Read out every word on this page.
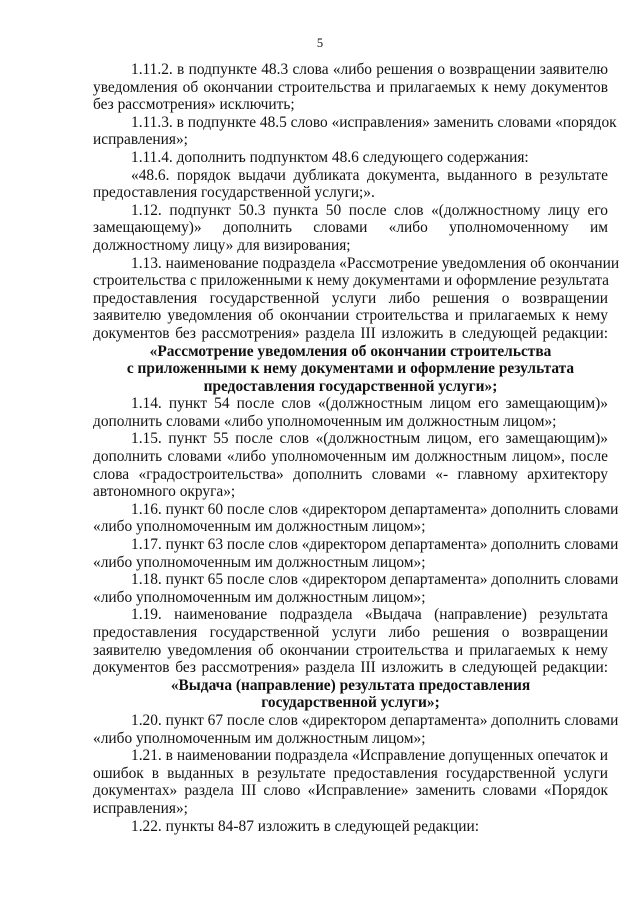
5
1.11.2. в подпункте 48.3 слова «либо решения о возвращении заявителю
уведомления об окончании строительства и прилагаемых к нему документов
без рассмотрения» исключить;
1.11.3. в подпункте 48.5 слово «исправления» заменить словами «порядок
исправления»;
1.11.4. дополнить подпунктом 48.6 следующего содержания:
«48.6. порядок выдачи дубликата документа, выданного в результате
предоставления государственной услуги;».
1.12. подпункт 50.3 пункта 50 после слов «(должностному лицу его
замещающему)» дополнить словами «либо уполномоченному им
должностному лицу» для визирования;
1.13. наименование подраздела «Рассмотрение уведомления об окончании
строительства с приложенными к нему документами и оформление результата
предоставления государственной услуги либо решения о возвращении
заявителю уведомления об окончании строительства и прилагаемых к нему
документов без рассмотрения» раздела III изложить в следующей редакции:
«Рассмотрение уведомления об окончании строительства
с приложенными к нему документами и оформление результата
предоставления государственной услуги»;
1.14. пункт 54 после слов «(должностным лицом его замещающим)»
дополнить словами «либо уполномоченным им должностным лицом»;
1.15. пункт 55 после слов «(должностным лицом, его замещающим)»
дополнить словами «либо уполномоченным им должностным лицом», после
слова «градостроительства» дополнить словами «- главному архитектору
автономного округа»;
1.16. пункт 60 после слов «директором департамента» дополнить словами
«либо уполномоченным им должностным лицом»;
1.17. пункт 63 после слов «директором департамента» дополнить словами
«либо уполномоченным им должностным лицом»;
1.18. пункт 65 после слов «директором департамента» дополнить словами
«либо уполномоченным им должностным лицом»;
1.19. наименование подраздела «Выдача (направление) результата
предоставления государственной услуги либо решения о возвращении
заявителю уведомления об окончании строительства и прилагаемых к нему
документов без рассмотрения» раздела III изложить в следующей редакции:
«Выдача (направление) результата предоставления
государственной услуги»;
1.20. пункт 67 после слов «директором департамента» дополнить словами
«либо уполномоченным им должностным лицом»;
1.21. в наименовании подраздела «Исправление допущенных опечаток и
ошибок в выданных в результате предоставления государственной услуги
документах» раздела III слово «Исправление» заменить словами «Порядок
исправления»;
1.22. пункты 84-87 изложить в следующей редакции:
